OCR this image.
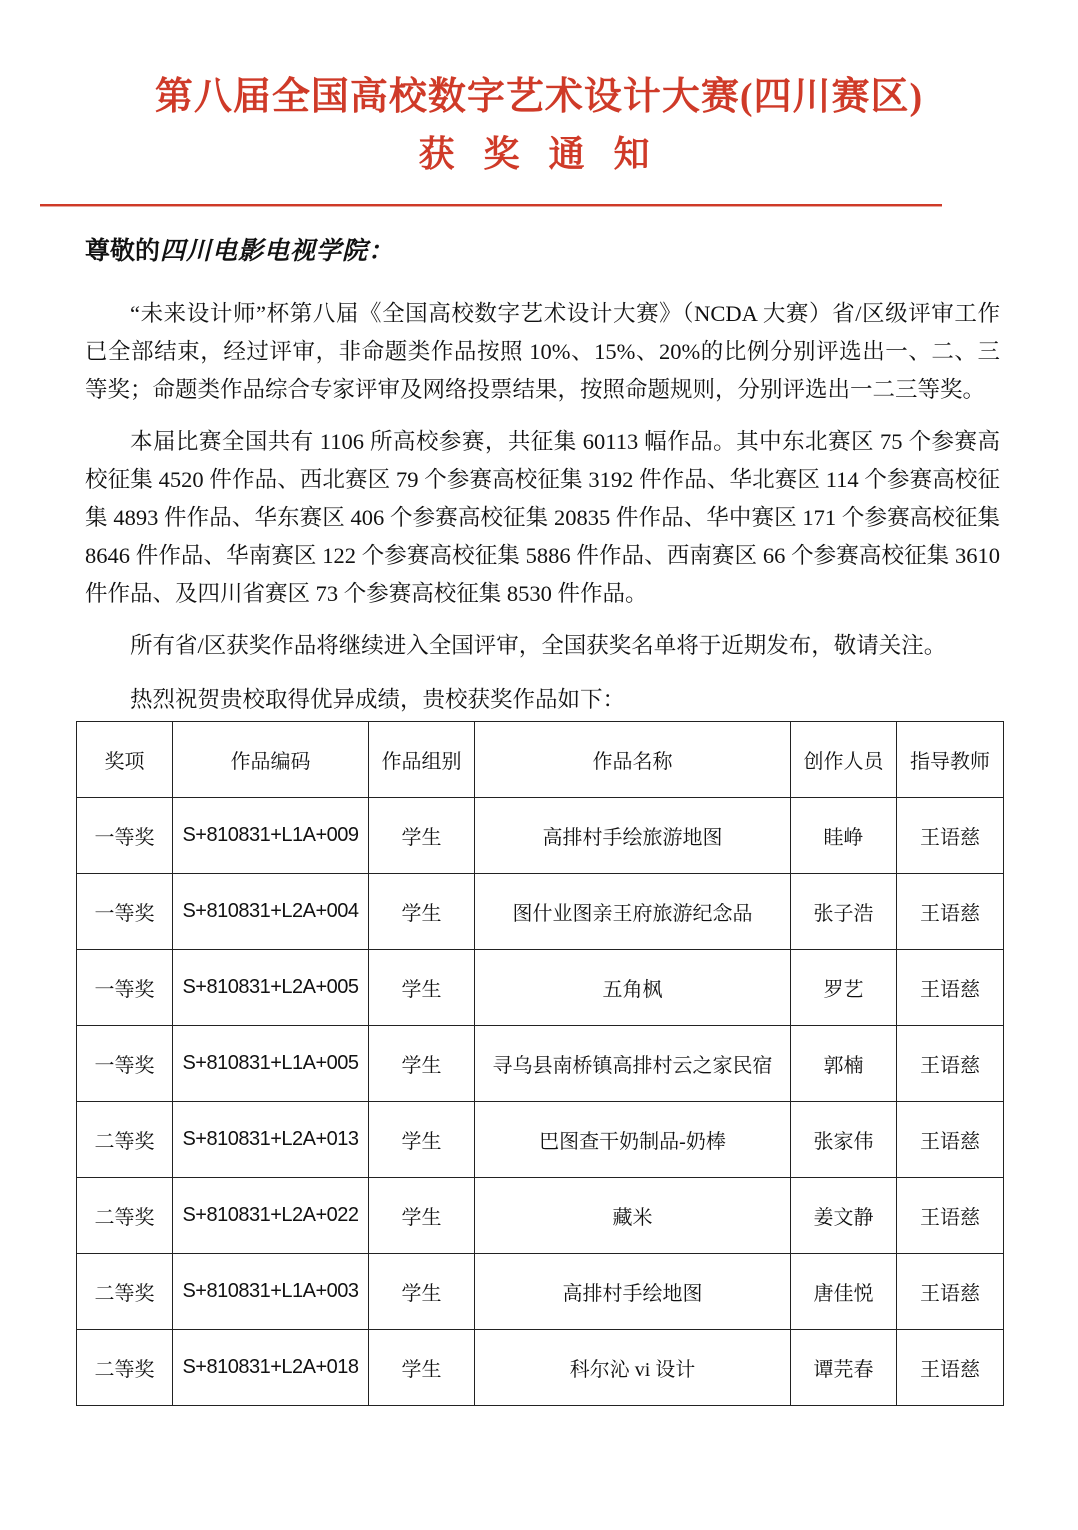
第八届全国高校数字艺术设计大赛(四川赛区)
获 奖 通 知
尊敬的四川电影电视学院：

“未来设计师”杯第八届《全国高校数字艺术设计大赛》（NCDA 大赛）省/区级评审工作已全部结束，经过评审，非命题类作品按照 10%、15%、20%的比例分别评选出一、二、三等奖；命题类作品综合专家评审及网络投票结果，按照命题规则，分别评选出一二三等奖。

本届比赛全国共有 1106 所高校参赛，共征集 60113 幅作品。其中东北赛区 75 个参赛高校征集 4520 件作品、西北赛区 79 个参赛高校征集 3192 件作品、华北赛区 114 个参赛高校征集 4893 件作品、华东赛区 406 个参赛高校征集 20835 件作品、华中赛区 171 个参赛高校征集 8646 件作品、华南赛区 122 个参赛高校征集 5886 件作品、西南赛区 66 个参赛高校征集 3610 件作品、及四川省赛区 73 个参赛高校征集 8530 件作品。

所有省/区获奖作品将继续进入全国评审，全国获奖名单将于近期发布，敬请关注。

热烈祝贺贵校取得优异成绩，贵校获奖作品如下：

奖项	作品编码	作品组别	作品名称	创作人员	指导教师
一等奖	S+810831+L1A+009	学生	高排村手绘旅游地图	眭峥	王语慈
一等奖	S+810831+L2A+004	学生	图什业图亲王府旅游纪念品	张子浩	王语慈
一等奖	S+810831+L2A+005	学生	五角枫	罗艺	王语慈
一等奖	S+810831+L1A+005	学生	寻乌县南桥镇高排村云之家民宿	郭楠	王语慈
二等奖	S+810831+L2A+013	学生	巴图查干奶制品-奶棒	张家伟	王语慈
二等奖	S+810831+L2A+022	学生	藏米	姜文静	王语慈
二等奖	S+810831+L1A+003	学生	高排村手绘地图	唐佳悦	王语慈
二等奖	S+810831+L2A+018	学生	科尔沁 vi 设计	谭芫春	王语慈
